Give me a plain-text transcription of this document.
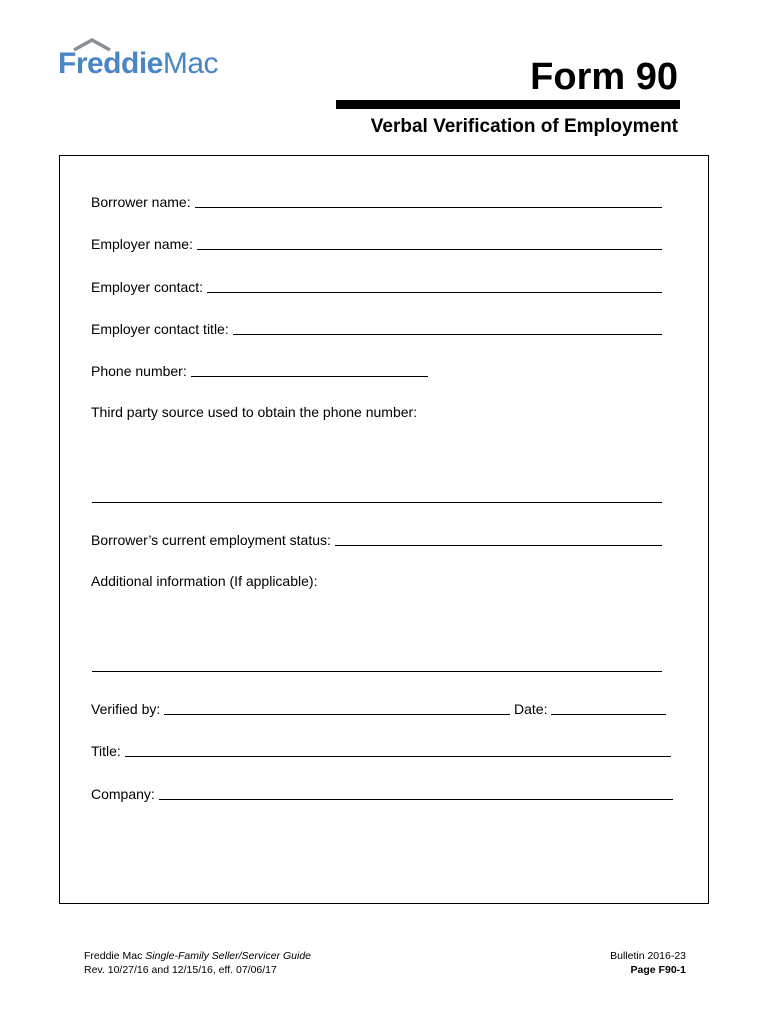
FreddieMac	Form 90
Verbal Verification of Employment
Borrower name:
Employer name:
Employer contact:
Employer contact title:
Phone number:
Third party source used to obtain the phone number:
Borrower’s current employment status:
Additional information (If applicable):
Verified by:	Date:
Title:
Company:
Freddie Mac Single-Family Seller/Servicer Guide
Rev. 10/27/16 and 12/15/16, eff. 07/06/17
Bulletin 2016-23
Page F90-1
